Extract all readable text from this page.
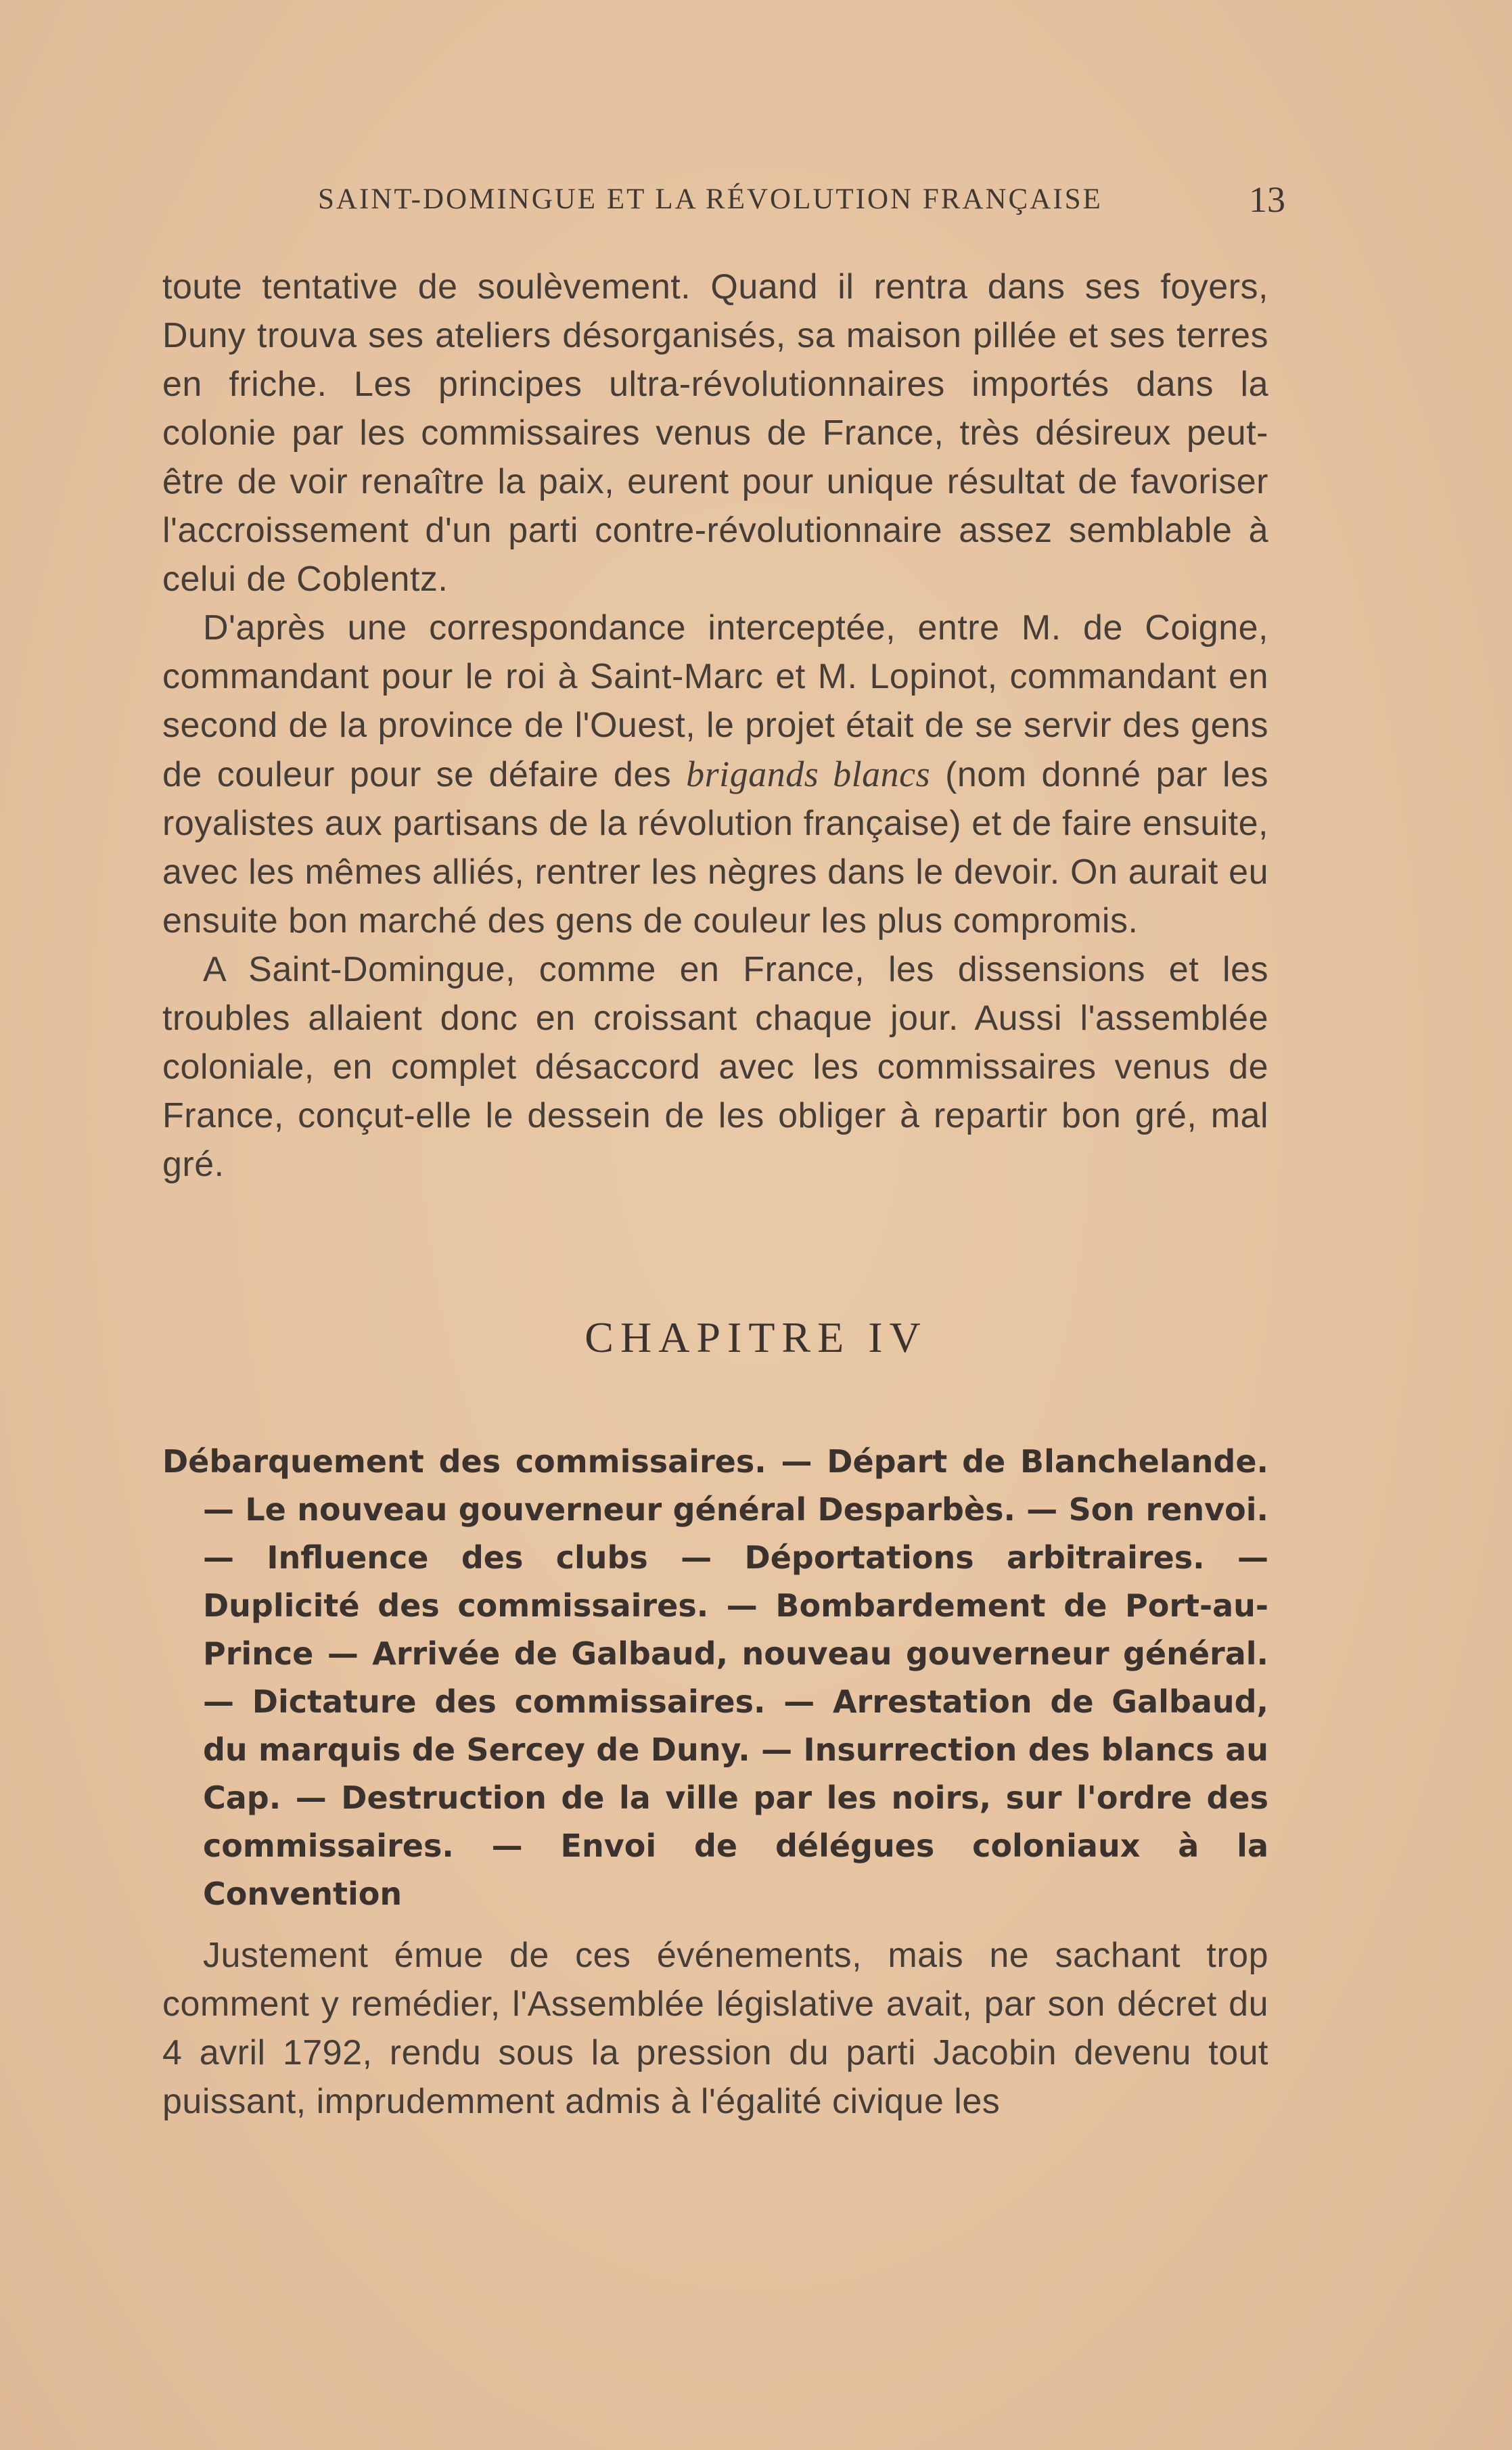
SAINT-DOMINGUE ET LA RÉVOLUTION FRANÇAISE	13

toute tentative de soulèvement. Quand il rentra dans ses foyers, Duny trouva ses ateliers désorganisés, sa maison pillée et ses terres en friche. Les principes ultra-révolutionnaires importés dans la colonie par les commissaires venus de France, très désireux peut-être de voir renaître la paix, eurent pour unique résultat de favoriser l'accroissement d'un parti contre-révolutionnaire assez semblable à celui de Coblentz.

D'après une correspondance interceptée, entre M. de Coigne, commandant pour le roi à Saint-Marc et M. Lopinot, commandant en second de la province de l'Ouest, le projet était de se servir des gens de couleur pour se défaire des brigands blancs (nom donné par les royalistes aux partisans de la révolution française) et de faire ensuite, avec les mêmes alliés, rentrer les nègres dans le devoir. On aurait eu ensuite bon marché des gens de couleur les plus compromis.

A Saint-Domingue, comme en France, les dissensions et les troubles allaient donc en croissant chaque jour. Aussi l'assemblée coloniale, en complet désaccord avec les commissaires venus de France, conçut-elle le dessein de les obliger à repartir bon gré, mal gré.

CHAPITRE IV

Débarquement des commissaires. — Départ de Blanchelande. — Le nouveau gouverneur général Desparbès. — Son renvoi. — Influence des clubs — Déportations arbitraires. — Duplicité des commissaires. — Bombardement de Port-au-Prince — Arrivée de Galbaud, nouveau gouverneur général. — Dictature des commissaires. — Arrestation de Galbaud, du marquis de Sercey de Duny. — Insurrection des blancs au Cap. — Destruction de la ville par les noirs, sur l'ordre des commissaires. — Envoi de délégues coloniaux à la Convention

Justement émue de ces événements, mais ne sachant trop comment y remédier, l'Assemblée législative avait, par son décret du 4 avril 1792, rendu sous la pression du parti Jacobin devenu tout puissant, imprudemment admis à l'égalité civique les
